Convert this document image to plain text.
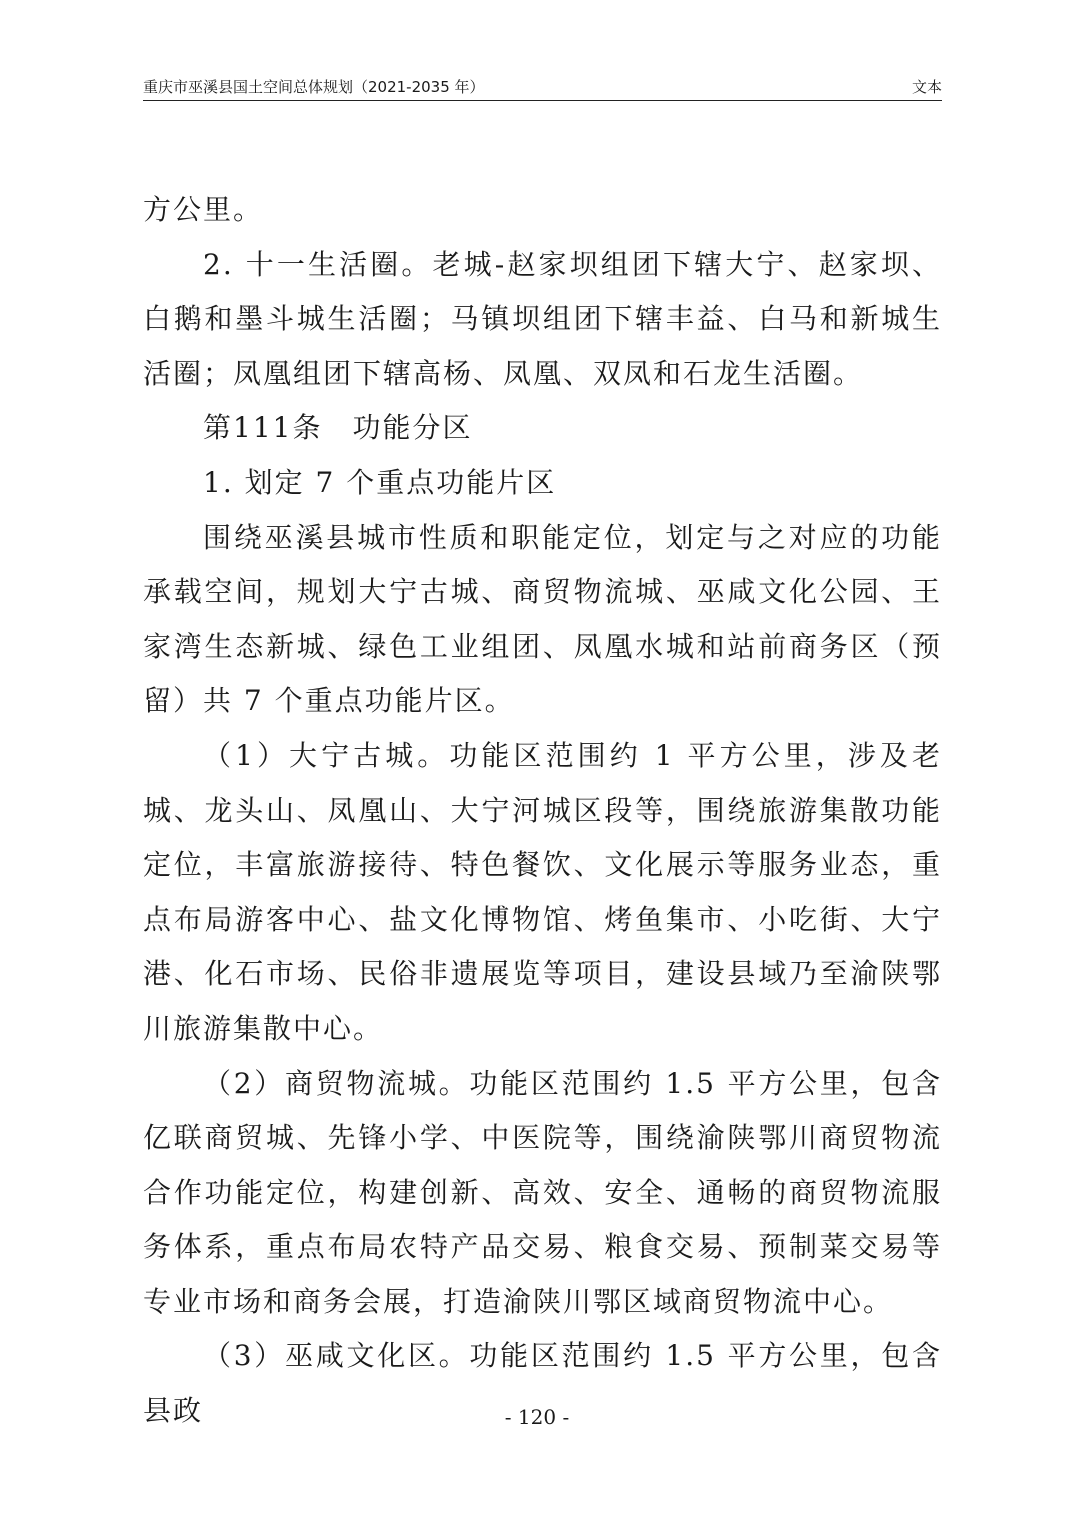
重庆市巫溪县国土空间总体规划（2021-2035 年）	文本

方公里。

2. 十一生活圈。老城-赵家坝组团下辖大宁、赵家坝、白鹅和墨斗城生活圈；马镇坝组团下辖丰益、白马和新城生活圈；凤凰组团下辖高杨、凤凰、双凤和石龙生活圈。

第111条　功能分区

1. 划定 7 个重点功能片区

围绕巫溪县城市性质和职能定位，划定与之对应的功能承载空间，规划大宁古城、商贸物流城、巫咸文化公园、王家湾生态新城、绿色工业组团、凤凰水城和站前商务区（预留）共 7 个重点功能片区。

（1）大宁古城。功能区范围约 1 平方公里，涉及老城、龙头山、凤凰山、大宁河城区段等，围绕旅游集散功能定位，丰富旅游接待、特色餐饮、文化展示等服务业态，重点布局游客中心、盐文化博物馆、烤鱼集市、小吃街、大宁港、化石市场、民俗非遗展览等项目，建设县域乃至渝陕鄂川旅游集散中心。

（2）商贸物流城。功能区范围约 1.5 平方公里，包含亿联商贸城、先锋小学、中医院等，围绕渝陕鄂川商贸物流合作功能定位，构建创新、高效、安全、通畅的商贸物流服务体系，重点布局农特产品交易、粮食交易、预制菜交易等专业市场和商务会展，打造渝陕川鄂区域商贸物流中心。

（3）巫咸文化区。功能区范围约 1.5 平方公里，包含县政	- 120 -
